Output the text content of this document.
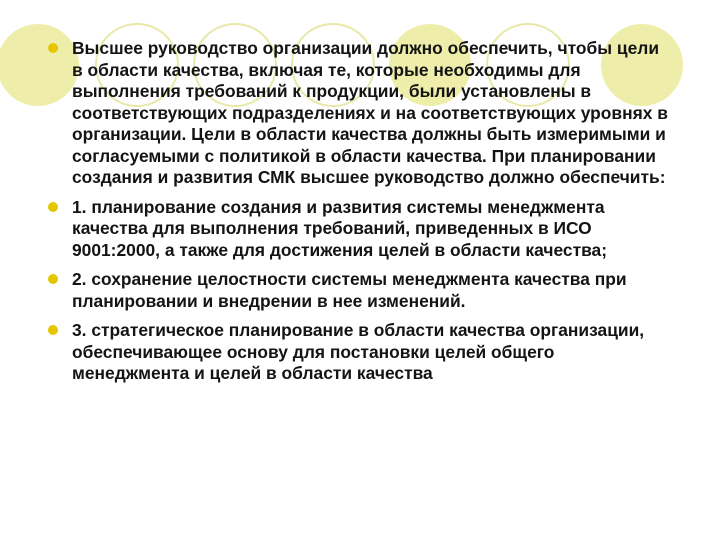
Высшее руководство организации должно обеспечить, чтобы цели в области качества, включая те, которые необходимы для выполнения требований к продукции, были установлены в соответствующих подразделениях и на соответствующих уровнях в организации. Цели в области качества должны быть измеримыми и согласуемыми с политикой в области качества. При планировании создания и развития СМК высшее руководство должно обеспечить:
1. планирование создания и развития системы менеджмента качества для выполнения требований, приведенных в ИСО 9001:2000, а также для достижения целей в области качества;
2. сохранение целостности системы менеджмента качества при планировании и внедрении в нее изменений.
3. стратегическое планирование в области качества организации, обеспечивающее основу для постановки целей общего менеджмента и целей в области качества
